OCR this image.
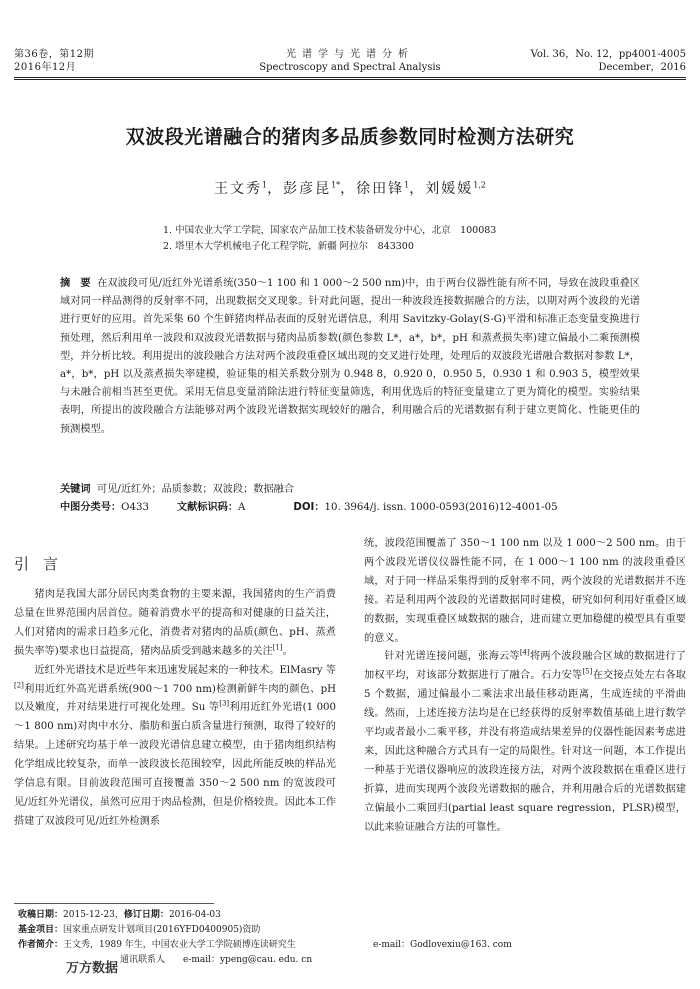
第36卷，第12期
2016年12月
光谱学与光谱分析
Spectroscopy and Spectral Analysis
Vol. 36，No. 12，pp4001-4005
December，2016
双波段光谱融合的猪肉多品质参数同时检测方法研究
王文秀$^1$，彭彦昆$^{1*}$，徐田锋$^1$，刘媛媛$^{1,2}$
1. 中国农业大学工学院，国家农产品加工技术装备研发分中心，北京　100083
2. 塔里木大学机械电子化工程学院，新疆 阿拉尔　843300
摘　要 在双波段可见/近红外光谱系统(350～1 100 和 1 000～2 500 nm)中，由于两台仪器性能有所不同，导致在波段重叠区域对同一样品测得的反射率不同，出现数据交叉现象。针对此问题，提出一种波段连接数据融合的方法，以期对两个波段的光谱进行更好的应用。首先采集 60 个生鲜猪肉样品表面的反射光谱信息，利用 Savitzky-Golay(S-G)平滑和标准正态变量变换进行预处理，然后利用单一波段和双波段光谱数据与猪肉品质参数(颜色参数 L*，a*，b*，pH 和蒸煮损失率)建立偏最小二乘预测模型，并分析比较。利用提出的波段融合方法对两个波段重叠区域出现的交叉进行处理，处理后的双波段光谱融合数据对参数 L*，a*，b*，pH 以及蒸煮损失率建模，验证集的相关系数分别为 0.948 8，0.920 0，0.950 5，0.930 1 和 0.903 5，模型效果与未融合前相当甚至更优。采用无信息变量消除法进行特征变量筛选，利用优选后的特征变量建立了更为简化的模型。实验结果表明，所提出的波段融合方法能够对两个波段光谱数据实现较好的融合，利用融合后的光谱数据有利于建立更简化、性能更佳的预测模型。
关键词 可见/近红外；品质参数；双波段；数据融合
中图分类号：O433	文献标识码：A	DOI：10. 3964/j. issn. 1000-0593(2016)12-4001-05
引言

猪肉是我国大部分居民肉类食物的主要来源，我国猪肉的生产消费总量在世界范围内居首位。随着消费水平的提高和对健康的日益关注，人们对猪肉的需求日趋多元化，消费者对猪肉的品质(颜色、pH、蒸煮损失率等)要求也日益提高，猪肉品质受到越来越多的关注[1]。

近红外光谱技术是近些年来迅速发展起来的一种技术。ElMasry 等[2]利用近红外高光谱系统(900～1 700 nm)检测新鲜牛肉的颜色、pH 以及嫩度，并对结果进行可视化处理。Su 等[3]利用近红外光谱(1 000～1 800 nm)对肉中水分、脂肪和蛋白质含量进行预测，取得了较好的结果。上述研究均基于单一波段光谱信息建立模型，由于猪肉组织结构化学组成比较复杂，而单一波段波长范围较窄，因此所能反映的样品光学信息有限。目前波段范围可直接覆盖 350～2 500 nm 的宽波段可见/近红外光谱仪，虽然可应用于肉品检测，但是价格较贵。因此本工作搭建了双波段可见/近红外检测系

统，波段范围覆盖了 350～1 100 nm 以及 1 000～2 500 nm。由于两个波段光谱仪仪器性能不同，在 1 000～1 100 nm 的波段重叠区域，对于同一样品采集得到的反射率不同，两个波段的光谱数据并不连接。若是利用两个波段的光谱数据同时建模，研究如何利用好重叠区域的数据，实现重叠区域数据的融合，进而建立更加稳健的模型具有重要的意义。

针对光谱连接问题，张海云等[4]将两个波段融合区域的数据进行了加权平均，对该部分数据进行了融合。石力安等[5]在交接点处左右各取 5 个数据，通过偏最小二乘法求出最佳移动距离，生成连续的平滑曲线。然而，上述连接方法均是在已经获得的反射率数值基础上进行数学平均或者最小二乘平移，并没有将造成结果差异的仪器性能因素考虑进来，因此这种融合方式具有一定的局限性。针对这一问题，本工作提出一种基于光谱仪器响应的波段连接方法，对两个波段数据在重叠区进行折算，进而实现两个波段光谱数据的融合，并利用融合后的光谱数据建立偏最小二乘回归(partial least square regression，PLSR)模型，以此来验证融合方法的可靠性。

收稿日期：2015-12-23，修订日期：2016-04-03
基金项目：国家重点研发计划项目(2016YFD0400905)资助
作者简介：王文秀，1989 年生，中国农业大学工学院硕博连读研究生	e-mail：Godlovexiu@163. com
通讯联系人　　e-mail：ypeng@cau. edu. cn
万方数据
